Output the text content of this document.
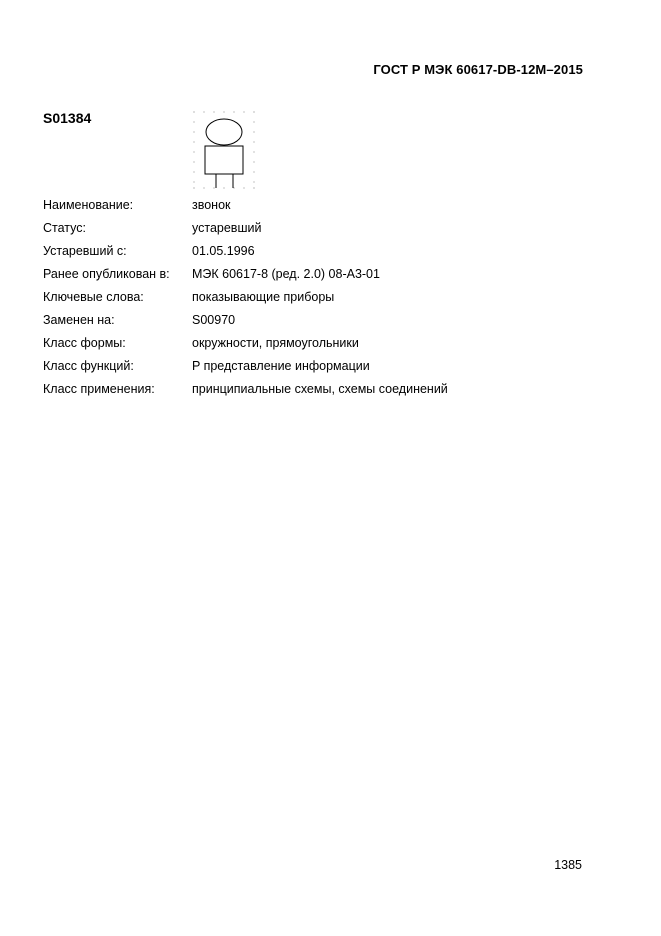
ГОСТ Р МЭК 60617-DB-12M–2015
S01384
Наименование:	звонок
Статус:	устаревший
Устаревший с:	01.05.1996
Ранее опубликован в:	МЭК 60617-8 (ред. 2.0) 08-A3-01
Ключевые слова:	показывающие приборы
Заменен на:	S00970
Класс формы:	окружности, прямоугольники
Класс функций:	P представление информации
Класс применения:	принципиальные схемы, схемы соединений
1385
